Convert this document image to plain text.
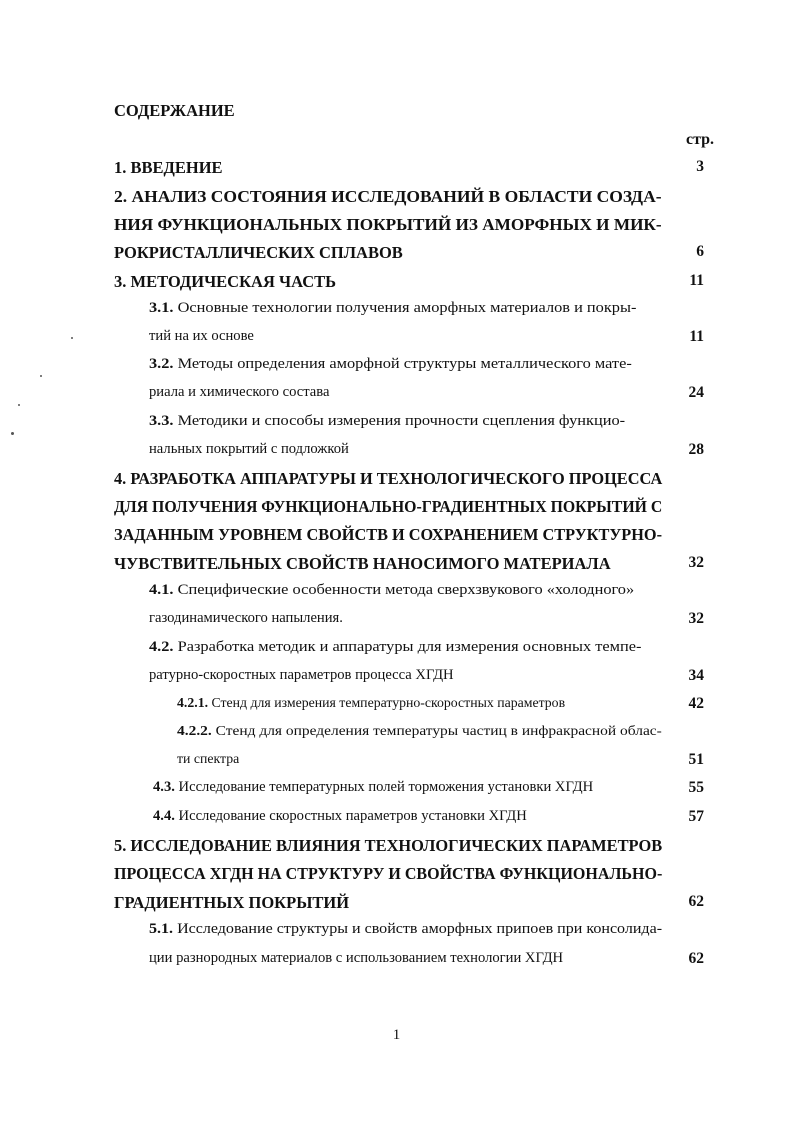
СОДЕРЖАНИЕ
стр.
1. ВВЕДЕНИЕ	3
2. АНАЛИЗ СОСТОЯНИЯ ИССЛЕДОВАНИЙ В ОБЛАСТИ СОЗДА-
НИЯ ФУНКЦИОНАЛЬНЫХ ПОКРЫТИЙ ИЗ АМОРФНЫХ И МИК-
РОКРИСТАЛЛИЧЕСКИХ СПЛАВОВ	6
3. МЕТОДИЧЕСКАЯ ЧАСТЬ	11
3.1. Основные технологии получения аморфных материалов и покры-
тий на их основе	11
3.2. Методы определения аморфной структуры металлического мате-
риала и химического состава	24
3.3. Методики и способы измерения прочности сцепления функцио-
нальных покрытий с подложкой	28
4. РАЗРАБОТКА АППАРАТУРЫ И ТЕХНОЛОГИЧЕСКОГО ПРОЦЕССА
ДЛЯ ПОЛУЧЕНИЯ ФУНКЦИОНАЛЬНО-ГРАДИЕНТНЫХ ПОКРЫТИЙ С
ЗАДАННЫМ УРОВНЕМ СВОЙСТВ И СОХРАНЕНИЕМ СТРУКТУРНО-
ЧУВСТВИТЕЛЬНЫХ СВОЙСТВ НАНОСИМОГО МАТЕРИАЛА	32
4.1. Специфические особенности метода сверхзвукового «холодного»
газодинамического напыления.	32
4.2. Разработка методик и аппаратуры для измерения основных темпе-
ратурно-скоростных параметров процесса ХГДН	34
4.2.1. Стенд для измерения температурно-скоростных параметров	42
4.2.2. Стенд для определения температуры частиц в инфракрасной облас-
ти спектра	51
4.3. Исследование температурных полей торможения установки ХГДН	55
4.4. Исследование скоростных параметров установки ХГДН	57
5. ИССЛЕДОВАНИЕ ВЛИЯНИЯ ТЕХНОЛОГИЧЕСКИХ ПАРАМЕТРОВ
ПРОЦЕССА ХГДН НА СТРУКТУРУ И СВОЙСТВА ФУНКЦИОНАЛЬНО-
ГРАДИЕНТНЫХ ПОКРЫТИЙ	62
5.1. Исследование структуры и свойств аморфных припоев при консолида-
ции разнородных материалов с использованием технологии ХГДН	62
1
